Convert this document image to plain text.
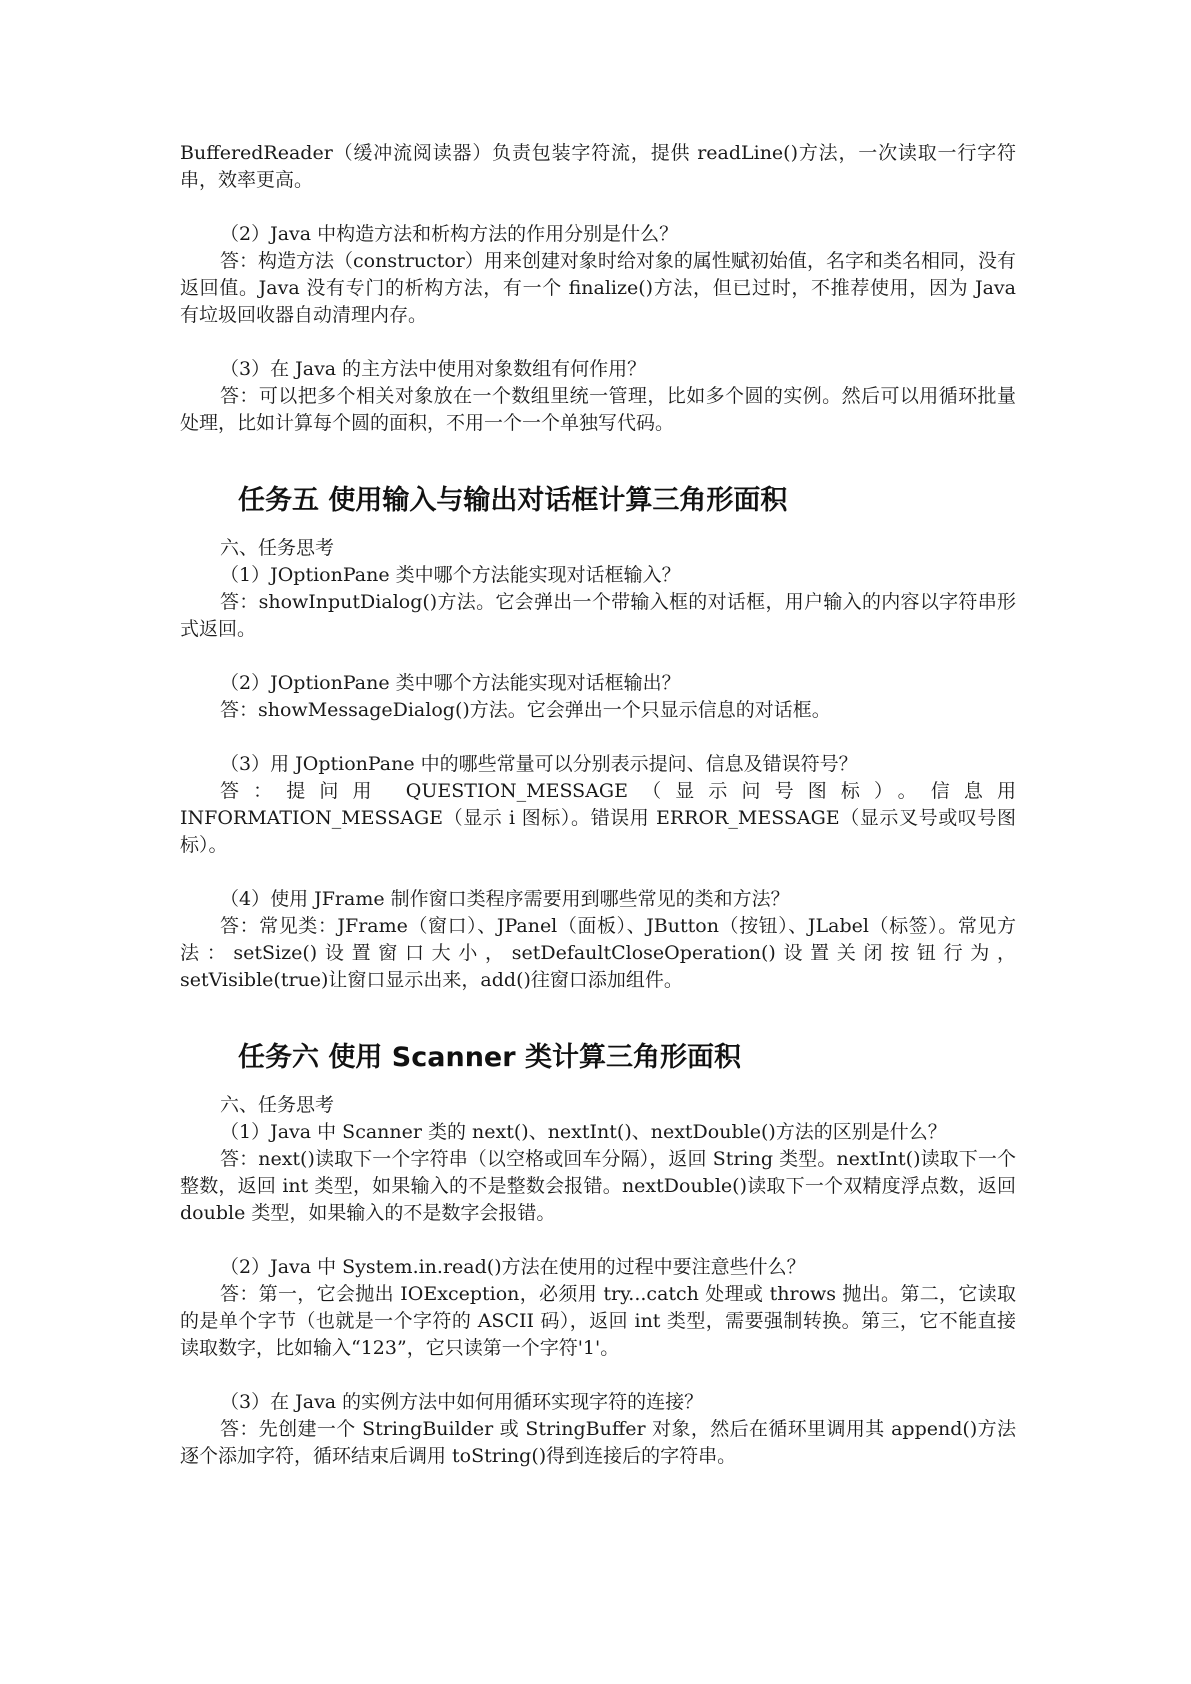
BufferedReader（缓冲流阅读器）负责包装字符流，提供 readLine()方法，一次读取一行字符串，效率更高。

（2）Java 中构造方法和析构方法的作用分别是什么？

答：构造方法（constructor）用来创建对象时给对象的属性赋初始值，名字和类名相同，没有返回值。Java 没有专门的析构方法，有一个 finalize()方法，但已过时，不推荐使用，因为 Java 有垃圾回收器自动清理内存。

（3）在 Java 的主方法中使用对象数组有何作用？

答：可以把多个相关对象放在一个数组里统一管理，比如多个圆的实例。然后可以用循环批量处理，比如计算每个圆的面积，不用一个一个单独写代码。

任务五 使用输入与输出对话框计算三角形面积

六、任务思考

（1）JOptionPane 类中哪个方法能实现对话框输入？

答：showInputDialog()方法。它会弹出一个带输入框的对话框，用户输入的内容以字符串形式返回。

（2）JOptionPane 类中哪个方法能实现对话框输出？

答：showMessageDialog()方法。它会弹出一个只显示信息的对话框。

（3）用 JOptionPane 中的哪些常量可以分别表示提问、信息及错误符号？

答：提问用 QUESTION_MESSAGE（显示问号图标）。信息用 INFORMATION_MESSAGE（显示 i 图标）。错误用 ERROR_MESSAGE（显示叉号或叹号图标）。

（4）使用 JFrame 制作窗口类程序需要用到哪些常见的类和方法？

答：常见类：JFrame（窗口）、JPanel（面板）、JButton（按钮）、JLabel（标签）。常见方法：setSize()设置窗口大小，setDefaultCloseOperation()设置关闭按钮行为，setVisible(true)让窗口显示出来，add()往窗口添加组件。

任务六 使用 Scanner 类计算三角形面积

六、任务思考

（1）Java 中 Scanner 类的 next()、nextInt()、nextDouble()方法的区别是什么？

答：next()读取下一个字符串（以空格或回车分隔），返回 String 类型。nextInt()读取下一个整数，返回 int 类型，如果输入的不是整数会报错。nextDouble()读取下一个双精度浮点数，返回 double 类型，如果输入的不是数字会报错。

（2）Java 中 System.in.read()方法在使用的过程中要注意些什么？

答：第一，它会抛出 IOException，必须用 try...catch 处理或 throws 抛出。第二，它读取的是单个字节（也就是一个字符的 ASCII 码），返回 int 类型，需要强制转换。第三，它不能直接读取数字，比如输入“123”，它只读第一个字符'1'。

（3）在 Java 的实例方法中如何用循环实现字符的连接？

答：先创建一个 StringBuilder 或 StringBuffer 对象，然后在循环里调用其 append()方法逐个添加字符，循环结束后调用 toString()得到连接后的字符串。
